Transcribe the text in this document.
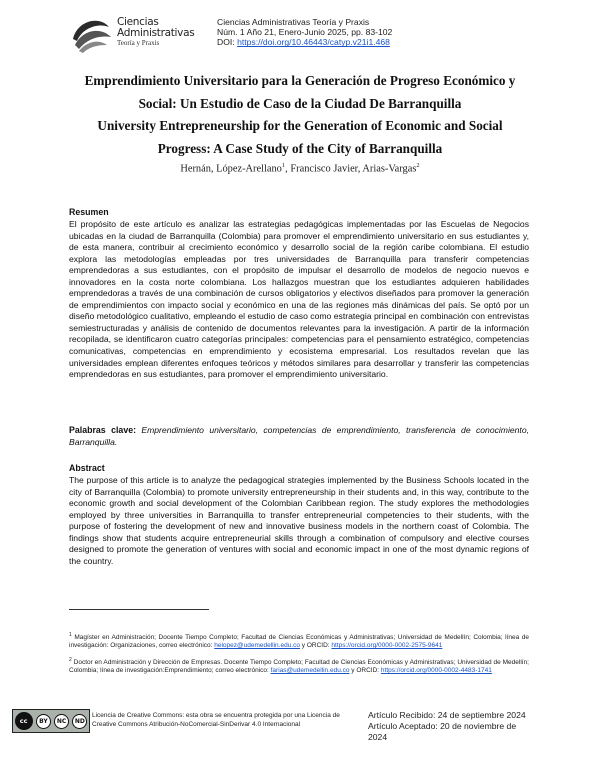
Ciencias
Administrativas
Teoría y Praxis
Ciencias Administrativas Teoría y Praxis
Núm. 1 Año 21, Enero-Junio 2025, pp. 83-102
DOI: https://doi.org/10.46443/catyp.v21i1.468
Emprendimiento Universitario para la Generación de Progreso Económico y
Social: Un Estudio de Caso de la Ciudad De Barranquilla
University Entrepreneurship for the Generation of Economic and Social
Progress: A Case Study of the City of Barranquilla
Hernán, López-Arellano$^1$, Francisco Javier, Arias-Vargas$^2$
Resumen
El propósito de este artículo es analizar las estrategias pedagógicas implementadas por las Escuelas de Negocios ubicadas en la ciudad de Barranquilla (Colombia) para promover el emprendimiento universitario en sus estudiantes y, de esta manera, contribuir al crecimiento económico y desarrollo social de la región caribe colombiana. El estudio explora las metodologías empleadas por tres universidades de Barranquilla para transferir competencias emprendedoras a sus estudiantes, con el propósito de impulsar el desarrollo de modelos de negocio nuevos e innovadores en la costa norte colombiana. Los hallazgos muestran que los estudiantes adquieren habilidades emprendedoras a través de una combinación de cursos obligatorios y electivos diseñados para promover la generación de emprendimientos con impacto social y económico en una de las regiones más dinámicas del país. Se optó por un diseño metodológico cualitativo, empleando el estudio de caso como estrategia principal en combinación con entrevistas semiestructuradas y análisis de contenido de documentos relevantes para la investigación. A partir de la información recopilada, se identificaron cuatro categorías principales: competencias para el pensamiento estratégico, competencias comunicativas, competencias en emprendimiento y ecosistema empresarial. Los resultados revelan que las universidades emplean diferentes enfoques teóricos y métodos similares para desarrollar y transferir las competencias emprendedoras en sus estudiantes, para promover el emprendimiento universitario.
Palabras clave: Emprendimiento universitario, competencias de emprendimiento, transferencia de conocimiento, Barranquilla.
Abstract
The purpose of this article is to analyze the pedagogical strategies implemented by the Business Schools located in the city of Barranquilla (Colombia) to promote university entrepreneurship in their students and, in this way, contribute to the economic growth and social development of the Colombian Caribbean region. The study explores the methodologies employed by three universities in Barranquilla to transfer entrepreneurial competencies to their students, with the purpose of fostering the development of new and innovative business models in the northern coast of Colombia. The findings show that students acquire entrepreneurial skills through a combination of compulsory and elective courses designed to promote the generation of ventures with social and economic impact in one of the most dynamic regions of the country.
$^1$ Magíster en Administración; Docente Tiempo Completo; Facultad de Ciencias Económicas y Administrativas; Universidad de Medellín; Colombia; línea de investigación: Organizaciones, correo electrónico: helopez@udemedellin.edu.co y ORCID: https://orcid.org/0000-0002-2575-9641
$^2$ Doctor en Administración y Dirección de Empresas. Docente Tiempo Completo; Facultad de Ciencias Económicas y Administrativas; Universidad de Medellín; Colombia; línea de investigación:Emprendimiento; correo electrónico: farias@udemedellin.edu.co y ORCID: https://orcid.org/0000-0002-4483-1741
cc	BY	NC	ND
Licencia de Creative Commons: esta obra se encuentra protegida por una Licencia de Creative Commons Atribución-NoComercial-SinDerivar 4.0 Internacional
Artículo Recibido: 24 de septiembre 2024
Artículo Aceptado: 20 de noviembre de
2024
